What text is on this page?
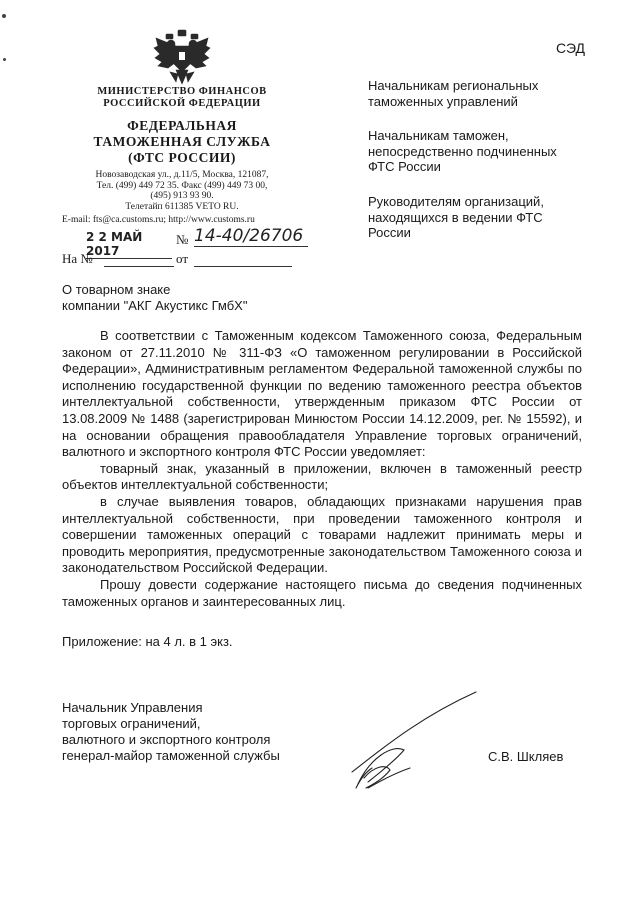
СЭД
МИНИСТЕРСТВО ФИНАНСОВ
РОССИЙСКОЙ ФЕДЕРАЦИИ
ФЕДЕРАЛЬНАЯ
ТАМОЖЕННАЯ СЛУЖБА
(ФТС РОССИИ)
Новозаводская ул., д.11/5, Москва, 121087,
Тел. (499) 449 72 35. Факс (499) 449 73 00,
(495) 913 93 90.
Телетайп 611385 VETO RU.
E-mail: fts@ca.customs.ru; http://www.customs.ru
2 2 МАЙ 2017
№ 14-40/26706
На №	от
Начальникам региональных таможенных управлений
Начальникам таможен, непосредственно подчиненных ФТС России
Руководителям организаций, находящихся в ведении ФТС России
О товарном знаке
компании "АКГ Акустикс ГмбХ"

В соответствии с Таможенным кодексом Таможенного союза, Федеральным законом от 27.11.2010 № 311-ФЗ «О таможенном регулировании в Российской Федерации», Административным регламентом Федеральной таможенной службы по исполнению государственной функции по ведению таможенного реестра объектов интеллектуальной собственности, утвержденным приказом ФТС России от 13.08.2009 № 1488 (зарегистрирован Минюстом России 14.12.2009, рег. № 15592), и на основании обращения правообладателя Управление торговых ограничений, валютного и экспортного контроля ФТС России уведомляет:

товарный знак, указанный в приложении, включен в таможенный реестр объектов интеллектуальной собственности;

в случае выявления товаров, обладающих признаками нарушения прав интеллектуальной собственности, при проведении таможенного контроля и совершении таможенных операций с товарами надлежит принимать меры и проводить мероприятия, предусмотренные законодательством Таможенного союза и законодательством Российской Федерации.

Прошу довести содержание настоящего письма до сведения подчиненных таможенных органов и заинтересованных лиц.

Приложение: на 4 л. в 1 экз.
Начальник Управления
торговых ограничений,
валютного и экспортного контроля
генерал-майор таможенной службы	С.В. Шкляев
